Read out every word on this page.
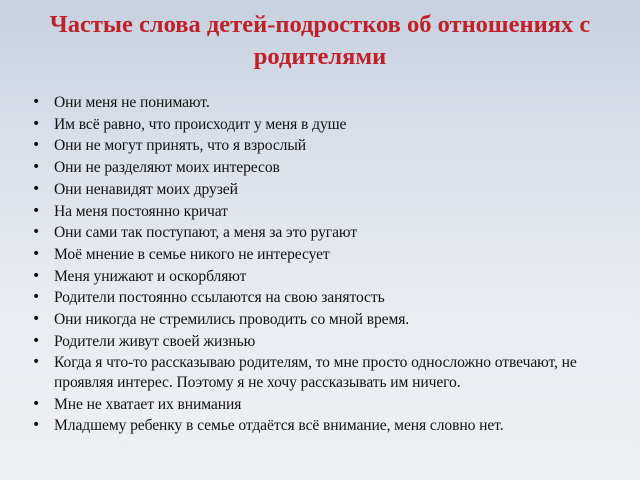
Частые слова детей-подростков об отношениях с родителями
• Они меня не понимают.
• Им всё равно, что происходит у меня в душе
• Они не могут принять, что я взрослый
• Они не разделяют моих интересов
• Они ненавидят моих друзей
• На меня постоянно кричат
• Они сами так поступают, а меня за это ругают
• Моё мнение в семье никого не интересует
• Меня унижают и оскорбляют
• Родители постоянно ссылаются на свою занятость
• Они никогда не стремились проводить со мной время.
• Родители живут своей жизнью
• Когда я что-то рассказываю родителям, то мне просто односложно отвечают, не проявляя интерес. Поэтому я не хочу рассказывать им ничего.
• Мне не хватает их внимания
• Младшему ребенку в семье отдаётся всё внимание, меня словно нет.
